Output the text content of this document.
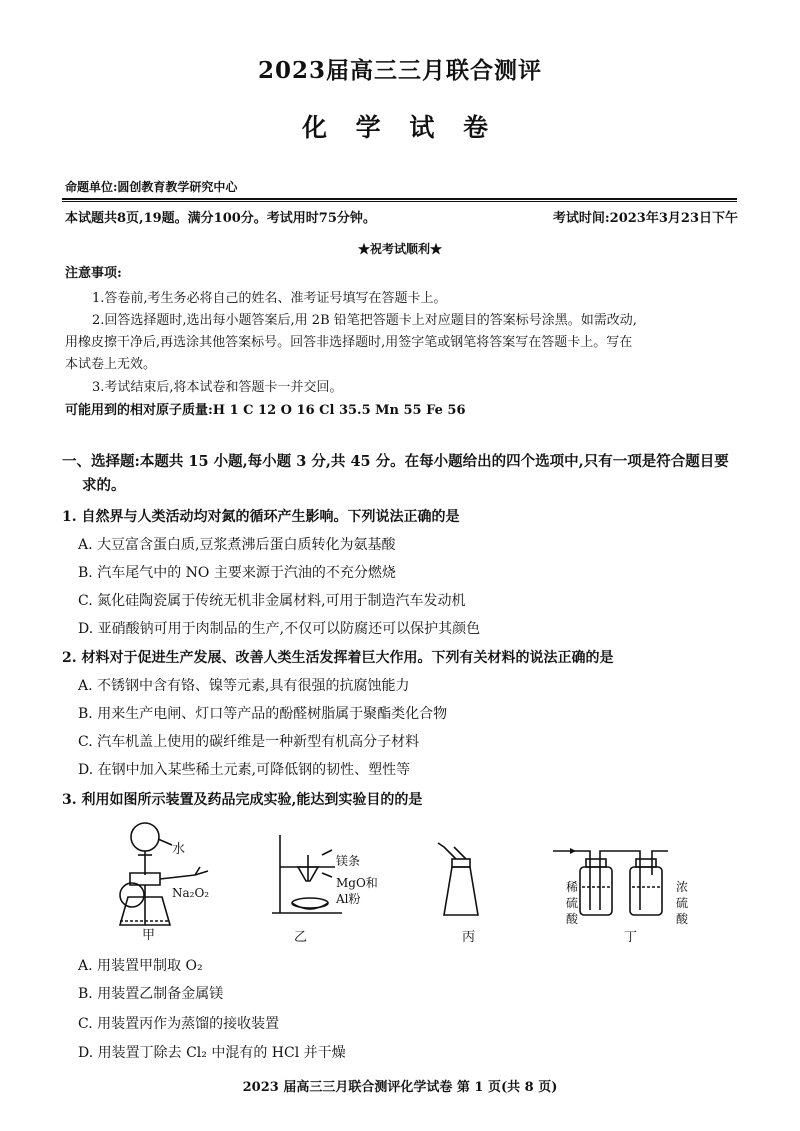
2023届高三三月联合测评
化 学 试 卷
命题单位:圆创教育教学研究中心
本试题共8页,19题。满分100分。考试用时75分钟。	考试时间:2023年3月23日下午
★祝考试顺利★
注意事项:
1.答卷前,考生务必将自己的姓名、准考证号填写在答题卡上。
2.回答选择题时,选出每小题答案后,用 2B 铅笔把答题卡上对应题目的答案标号涂黑。如需改动,
用橡皮擦干净后,再选涂其他答案标号。回答非选择题时,用签字笔或钢笔将答案写在答题卡上。写在
本试卷上无效。
3.考试结束后,将本试卷和答题卡一并交回。
可能用到的相对原子质量:H 1 C 12 O 16 Cl 35.5 Mn 55 Fe 56
一、选择题:本题共 15 小题,每小题 3 分,共 45 分。在每小题给出的四个选项中,只有一项是符合题目要
求的。
1. 自然界与人类活动均对氮的循环产生影响。下列说法正确的是
A. 大豆富含蛋白质,豆浆煮沸后蛋白质转化为氨基酸
B. 汽车尾气中的 NO 主要来源于汽油的不充分燃烧
C. 氮化硅陶瓷属于传统无机非金属材料,可用于制造汽车发动机
D. 亚硝酸钠可用于肉制品的生产,不仅可以防腐还可以保护其颜色
2. 材料对于促进生产发展、改善人类生活发挥着巨大作用。下列有关材料的说法正确的是
A. 不锈钢中含有铬、镍等元素,具有很强的抗腐蚀能力
B. 用来生产电闸、灯口等产品的酚醛树脂属于聚酯类化合物
C. 汽车机盖上使用的碳纤维是一种新型有机高分子材料
D. 在钢中加入某些稀土元素,可降低钢的韧性、塑性等
3. 利用如图所示装置及药品完成实验,能达到实验目的的是
水
Na₂O₂
镁条
MgO和
Al粉
稀
硫
酸
浓
硫
酸
甲	乙	丙	丁
A. 用装置甲制取 O₂
B. 用装置乙制备金属镁
C. 用装置丙作为蒸馏的接收装置
D. 用装置丁除去 Cl₂ 中混有的 HCl 并干燥
2023 届高三三月联合测评化学试卷 第 1 页(共 8 页)
